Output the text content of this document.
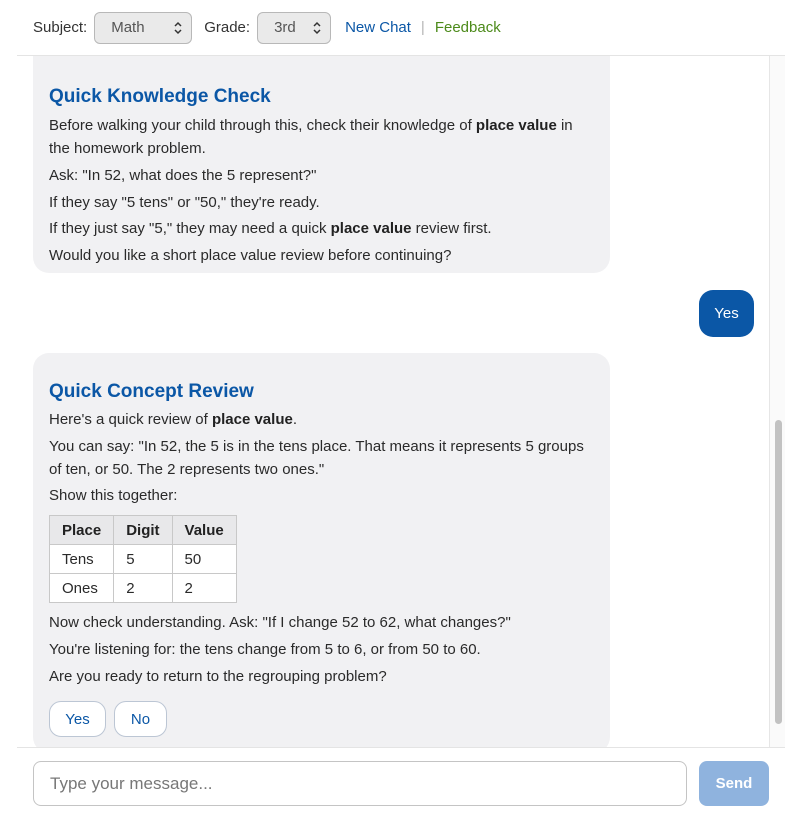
Subject: Math	Grade: 3rd	New Chat | Feedback
Quick Knowledge Check

Before walking your child through this, check their knowledge of place value in the homework problem.

Ask: "In 52, what does the 5 represent?"

If they say "5 tens" or "50," they're ready.

If they just say "5," they may need a quick place value review first.

Would you like a short place value review before continuing?

Yes
Quick Concept Review

Here's a quick review of place value.

You can say: "In 52, the 5 is in the tens place. That means it represents 5 groups of ten, or 50. The 2 represents two ones."

Show this together:

Place	Digit	Value
Tens	5	50
Ones	2	2

Now check understanding. Ask: "If I change 52 to 62, what changes?"

You're listening for: the tens change from 5 to 6, or from 50 to 60.

Are you ready to return to the regrouping problem?

Yes	No
Type your message...
Send
